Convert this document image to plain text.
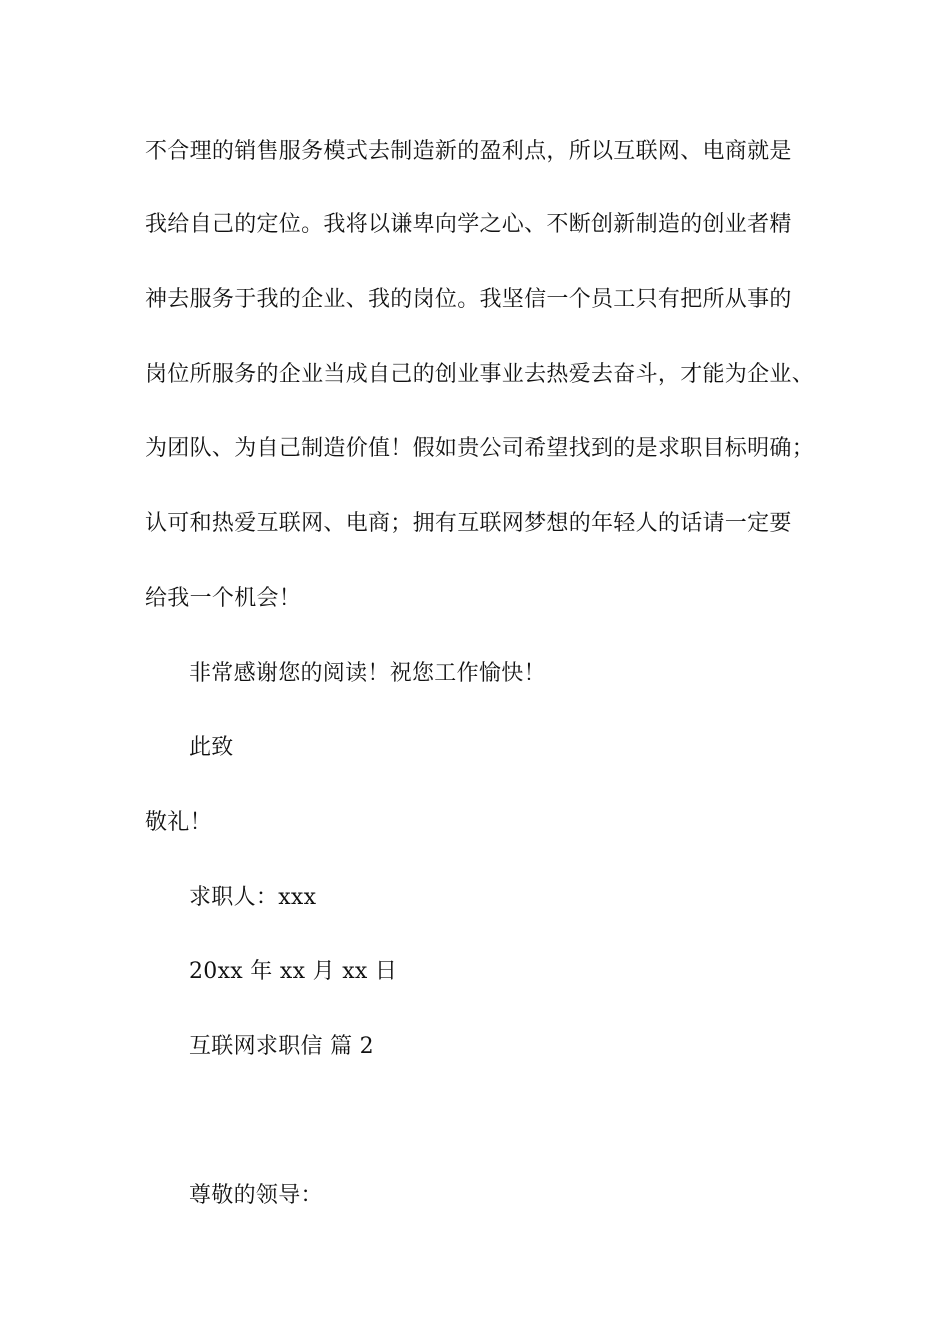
不合理的销售服务模式去制造新的盈利点，所以互联网、电商就是
我给自己的定位。我将以谦卑向学之心、不断创新制造的创业者精
神去服务于我的企业、我的岗位。我坚信一个员工只有把所从事的
岗位所服务的企业当成自己的创业事业去热爱去奋斗，才能为企业、
为团队、为自己制造价值！假如贵公司希望找到的是求职目标明确；
认可和热爱互联网、电商；拥有互联网梦想的年轻人的话请一定要
给我一个机会！
非常感谢您的阅读！祝您工作愉快！
此致
敬礼！
求职人：xxx
20xx 年 xx 月 xx 日
互联网求职信 篇 2
尊敬的领导：
